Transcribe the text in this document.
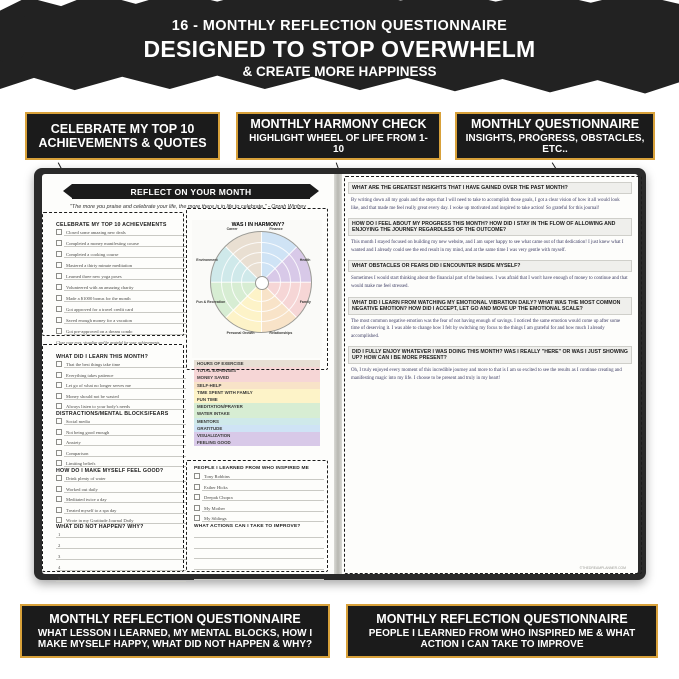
16 - MONTHLY REFLECTION QUESTIONNAIRE
DESIGNED TO STOP OVERWHELM
& CREATE MORE HAPPINESS
CELEBRATE MY TOP 10
ACHIEVEMENTS & QUOTES
MONTHLY HARMONY CHECK
HIGHLIGHT WHEEL OF LIFE FROM 1-10
MONTHLY QUESTIONNAIRE
INSIGHTS, PROGRESS, OBSTACLES, ETC..
MONTHLY REFLECTION QUESTIONNAIRE
WHAT LESSON I LEARNED, MY MENTAL BLOCKS, HOW I MAKE MYSELF HAPPY, WHAT DID NOT HAPPEN & WHY?
MONTHLY REFLECTION QUESTIONNAIRE
PEOPLE I LEARNED FROM WHO INSPIRED ME & WHAT ACTION I CAN TAKE TO IMPROVE
REFLECT ON YOUR MONTH
"The more you praise and celebrate your life, the more there is in life to celebrate." - Oprah Winfrey
CELEBRATE MY TOP 10 ACHIEVEMENTS
Closed some amazing new deals
Completed a money manifesting course
Completed a cooking course
Mastered a thirty minute meditation
Learned three new yoga poses
Volunteered with an amazing charity
Made a $1000 bonus for the month
Got approved for a travel credit card
Saved enough money for a vacation
Got pre-approved on a dream condo
Close your eyes, visualize and be grateful for your achievements.
WHAT DID I LEARN THIS MONTH?
That the best things take time
Everything takes patience
Let go of what no longer serves me
Money should not be wasted
Always listen to your body's needs
DISTRACTIONS/MENTAL BLOCKS/FEARS
Social media
Not being good enough
Anxiety
Comparison
Limiting beliefs
HOW DO I MAKE MYSELF FEEL GOOD?
Drink plenty of water
Worked out daily
Meditated twice a day
Treated myself to a spa day
Wrote in my Gratitude Journal Daily
WHAT DID NOT HAPPEN? WHY?
1
2
3
4
5
WAS I IN HARMONY?
Career	Finance
Health
Family
Relationships
Personal Growth
Fun & Recreation
Environment
HOURS OF EXERCISE
TOTAL EXPENSES
MONEY SAVED
SELF-HELP
TIME SPENT WITH FAMILY
FUN TIME
MEDITATION/PRAYER
WATER INTAKE
MENTORS
GRATITUDE
VISUALIZATION
FEELING GOOD
PEOPLE I LEARNED FROM WHO INSPIRED ME
Tony Robbins
Esther Hicks
Deepak Chopra
My Mother
My Siblings
WHAT ACTIONS CAN I TAKE TO IMPROVE?
WHAT ARE THE GREATEST INSIGHTS THAT I HAVE GAINED OVER THE PAST MONTH?
By writing down all my goals and the steps that I will need to take to accomplish those goals, I got a clear vision of how it all would look like, and that made me feel really great every day. I woke up motivated and inspired to take action! So grateful for this journal!
HOW DO I FEEL ABOUT MY PROGRESS THIS MONTH? HOW DID I STAY IN THE FLOW OF ALLOWING AND ENJOYING THE JOURNEY REGARDLESS OF THE OUTCOME?
This month I stayed focused on building my new website, and I am super happy to see what came out of that dedication! I just knew what I wanted and I already could see the end result in my mind, and at the same time I was very gentle with myself.
WHAT OBSTACLES OR FEARS DID I ENCOUNTER INSIDE MYSELF?
Sometimes I would start thinking about the financial part of the business. I was afraid that I won't have enough of money to continue and that would make me feel stressed.
WHAT DID I LEARN FROM WATCHING MY EMOTIONAL VIBRATION DAILY? WHAT WAS THE MOST COMMON NEGATIVE EMOTION? HOW DID I ACCEPT, LET GO AND MOVE UP THE EMOTIONAL SCALE?
The most common negative emotion was the fear of not having enough of savings. I noticed the same emotion would come up after some time of deserving it. I was able to change how I felt by switching my focus to the things I am grateful for and how much I already accomplished.
DID I FULLY ENJOY WHATEVER I WAS DOING THIS MONTH? WAS I REALLY "HERE" OR WAS I JUST SHOWING UP? HOW CAN I BE MORE PRESENT?
Oh, I truly enjoyed every moment of this incredible journey and more to that is I am so excited to see the results as I continue creating and manifesting magic into my life. I choose to be present and truly in my heart!
©THEDREAMPLANNER.COM
